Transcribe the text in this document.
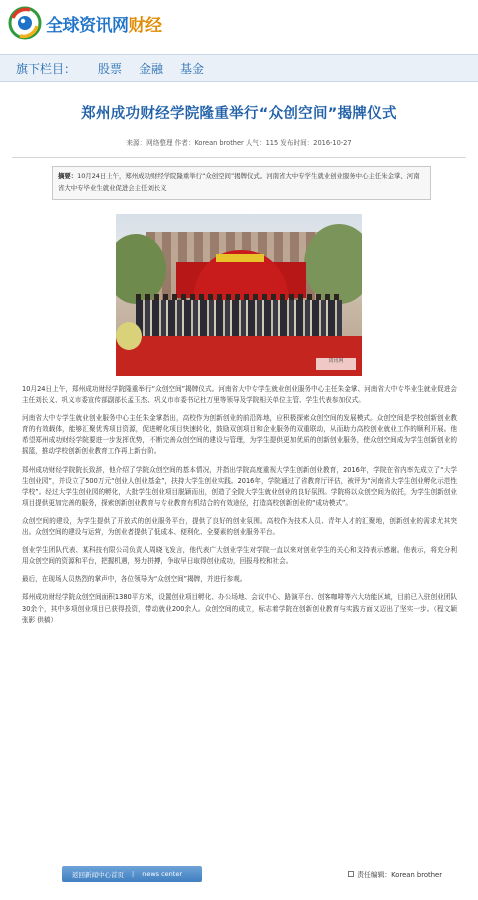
全球资讯网财经
旗下栏目： 股票 金融 基金
郑州成功财经学院隆重举行“众创空间”揭牌仪式
来源：网络整理 作者：Korean brother 人气：115 发布时间：2016-10-27
摘要：10月24日上午，郑州成功财经学院隆重举行“众创空间”揭牌仪式。河南省大中专学生就业创业服务中心主任朱金掌、河南省大中专毕业生就业促进会主任刘长义
资讯网

10月24日上午，郑州成功财经学院隆重举行“众创空间”揭牌仪式。河南省大中专学生就业创业服务中心主任朱金掌、河南省大中专毕业生就业促进会主任刘长义、巩义市委宣传部副部长孟玉杰、巩义市市委书记杜万里等领导及学院相关单位主管、学生代表参加仪式。

河南省大中专学生就业创业服务中心主任朱金掌指出，高校作为创新创业的前沿阵地，应积极探索众创空间的发展模式。众创空间是学校创新创业教育的有效载体，能够汇聚优秀项目资源，促进孵化项目快速转化，鼓励双创项目和企业服务的双重联动，从而助力高校创业就业工作的顺利开展。他希望郑州成功财经学院要进一步发挥优势，不断完善众创空间的建设与管理，为学生提供更加优质的创新创业服务，使众创空间成为学生创新创业的摇篮，推动学校创新创业教育工作再上新台阶。

郑州成功财经学院院长致辞，他介绍了学院众创空间的基本情况，并指出学院高度重视大学生创新创业教育，2016年，学院在省内率先成立了“大学生创业园”，并设立了500万元“创业人创业基金”，扶持大学生创业实践。2016年，学院通过了省教育厅评估，被评为“河南省大学生创业孵化示范性学校”。经过大学生创业园的孵化，大批学生创业项目脱颖而出，创造了全院大学生就业创业的良好氛围。学院将以众创空间为依托，为学生创新创业项目提供更加完善的服务，探索创新创业教育与专业教育有机结合的有效途径，打造高校创新创业的“成功模式”。

众创空间的建设，为学生提供了开放式的创业服务平台，提供了良好的创业氛围。高校作为技术人员、青年人才的汇聚地，创新创业的需求尤其突出。众创空间的建设与运营，为创业者提供了低成本、便利化、全要素的创业服务平台。

创业学生团队代表、某科技有限公司负责人周晓飞发言，他代表广大创业学生对学院一直以来对创业学生的关心和支持表示感谢。他表示，将充分利用众创空间的资源和平台，把握机遇，努力拼搏，争取早日取得创业成功，回报母校和社会。

最后，在现场人员热烈的掌声中，各位领导为“众创空间”揭牌，并进行参观。

郑州成功财经学院众创空间面积1380平方米，设置创业项目孵化、办公场地、会议中心、路演平台、创客咖啡等六大功能区域，目前已入驻创业团队30余个，其中多项创业项目已获得投资，带动就业200余人。众创空间的成立，标志着学院在创新创业教育与实践方面又迈出了坚实一步。（程文颖 张影 供稿）

返回新闻中心首页 | news center	责任编辑：Korean brother
